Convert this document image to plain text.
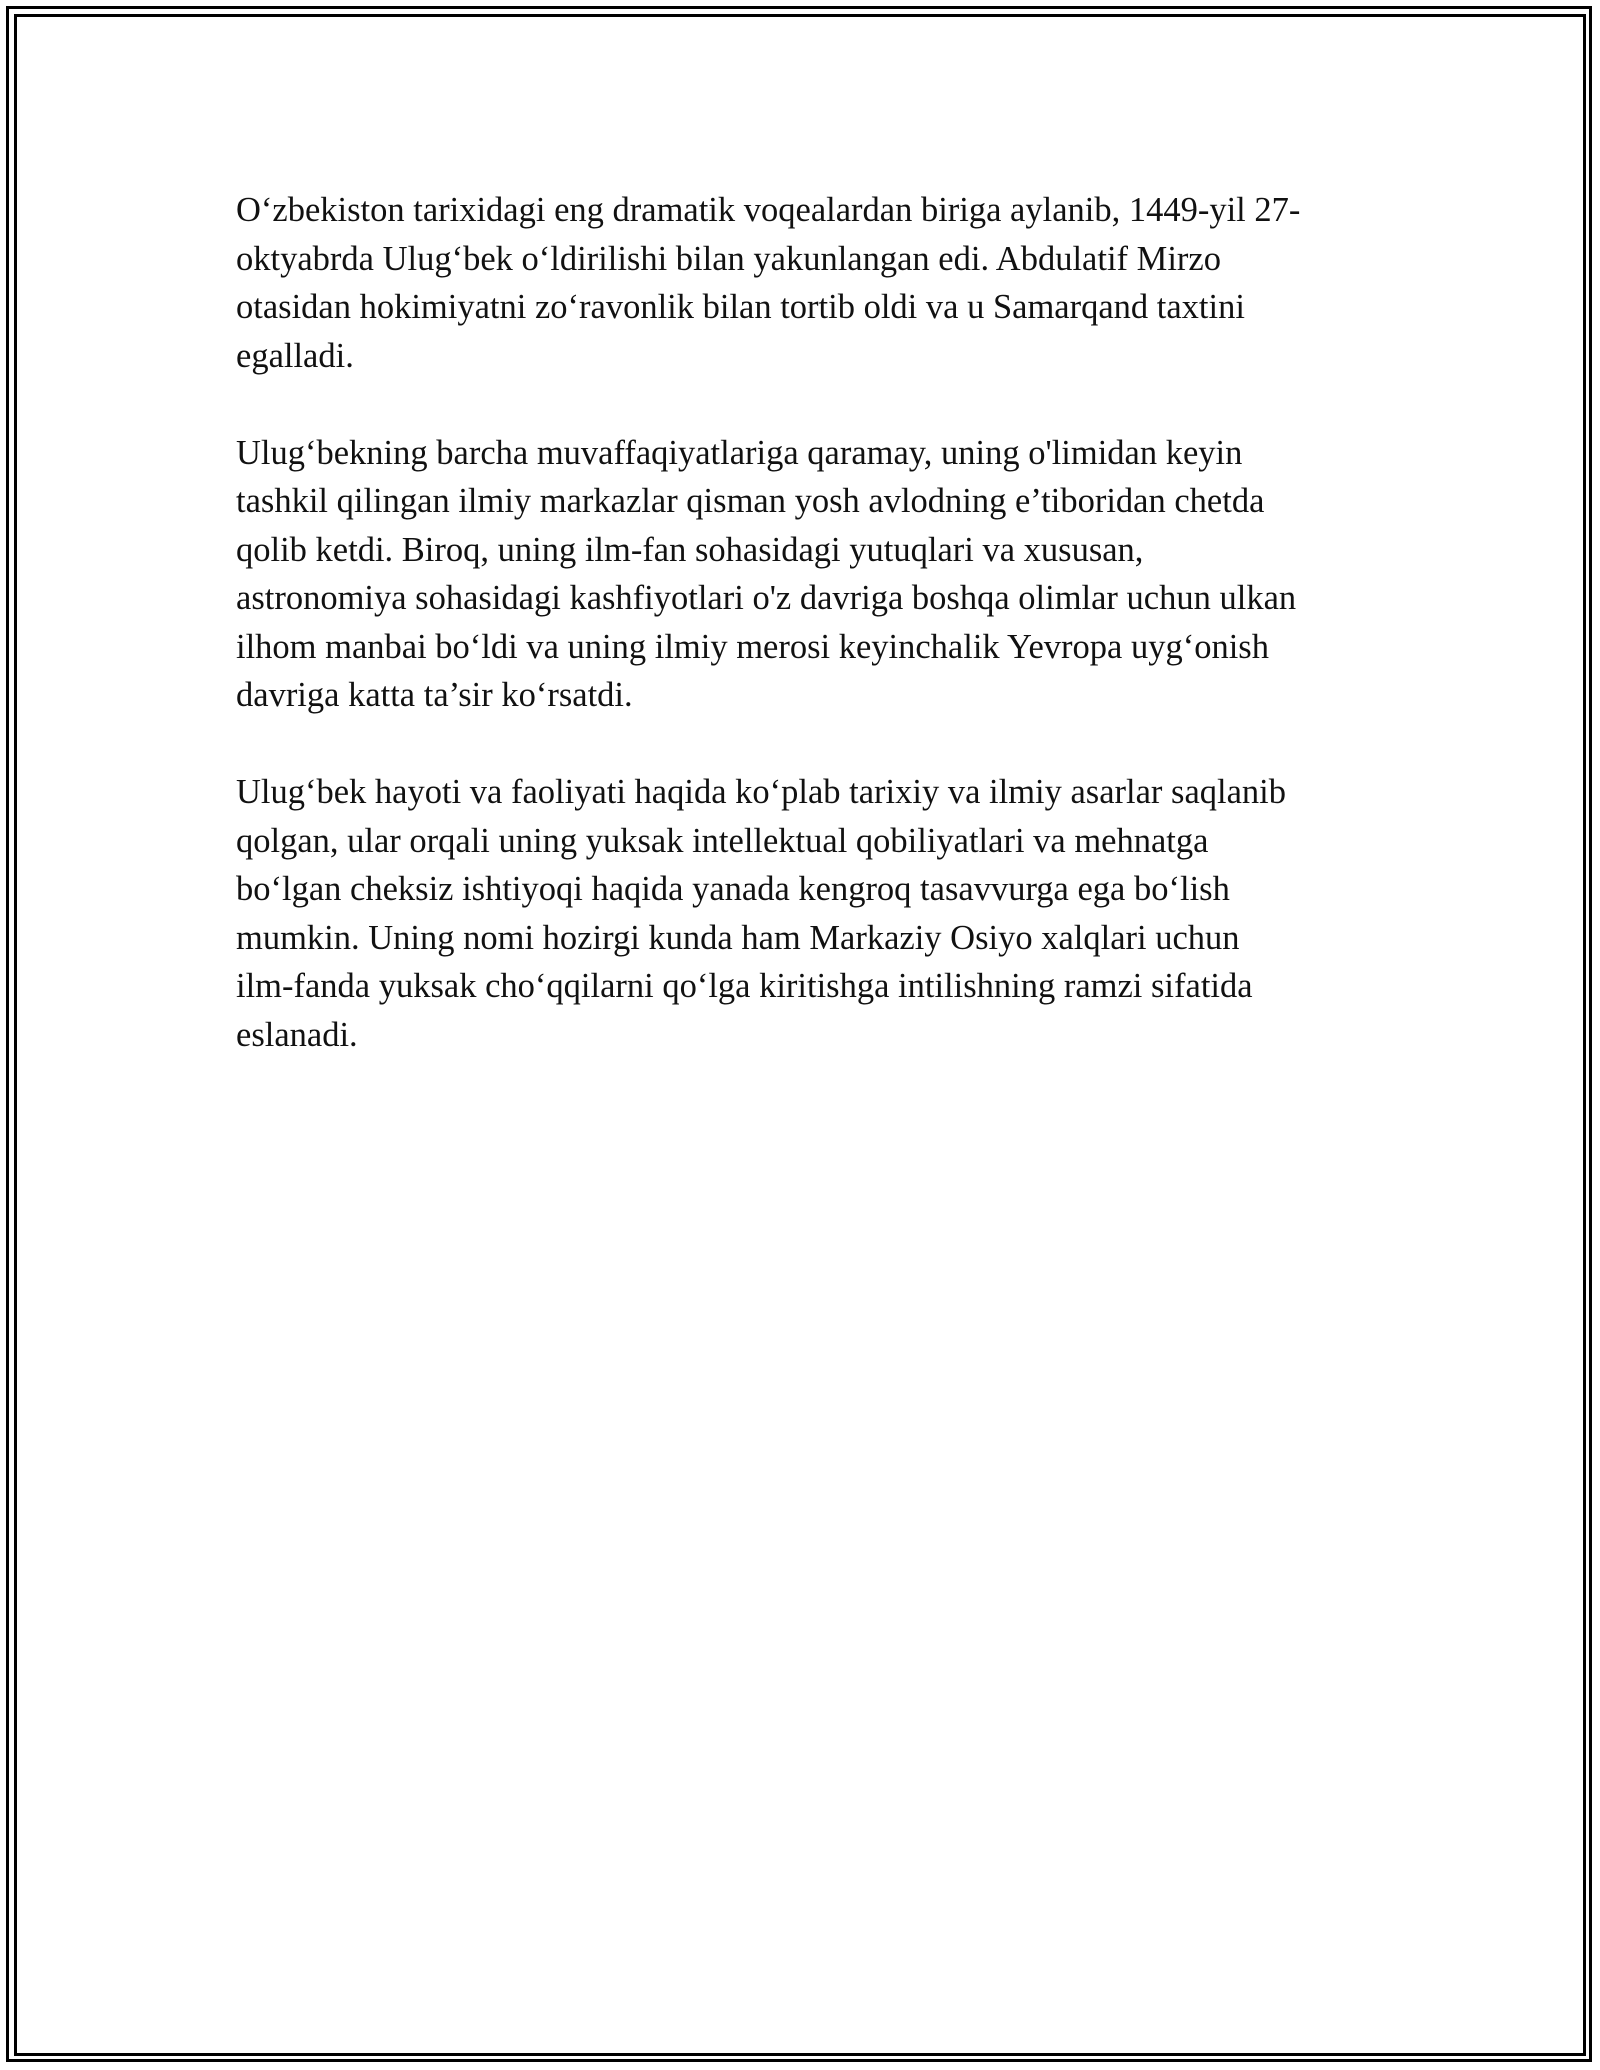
O‘zbekiston tarixidagi eng dramatik voqealardan biriga aylanib, 1449-yil 27-
oktyabrda Ulug‘bek o‘ldirilishi bilan yakunlangan edi. Abdulatif Mirzo
otasidan hokimiyatni zo‘ravonlik bilan tortib oldi va u Samarqand taxtini
egalladi.

Ulug‘bekning barcha muvaffaqiyatlariga qaramay, uning o'limidan keyin
tashkil qilingan ilmiy markazlar qisman yosh avlodning e’tiboridan chetda
qolib ketdi. Biroq, uning ilm-fan sohasidagi yutuqlari va xususan,
astronomiya sohasidagi kashfiyotlari o'z davriga boshqa olimlar uchun ulkan
ilhom manbai bo‘ldi va uning ilmiy merosi keyinchalik Yevropa uyg‘onish
davriga katta ta’sir ko‘rsatdi.

Ulug‘bek hayoti va faoliyati haqida ko‘plab tarixiy va ilmiy asarlar saqlanib
qolgan, ular orqali uning yuksak intellektual qobiliyatlari va mehnatga
bo‘lgan cheksiz ishtiyoqi haqida yanada kengroq tasavvurga ega bo‘lish
mumkin. Uning nomi hozirgi kunda ham Markaziy Osiyo xalqlari uchun
ilm-fanda yuksak cho‘qqilarni qo‘lga kiritishga intilishning ramzi sifatida
eslanadi.
